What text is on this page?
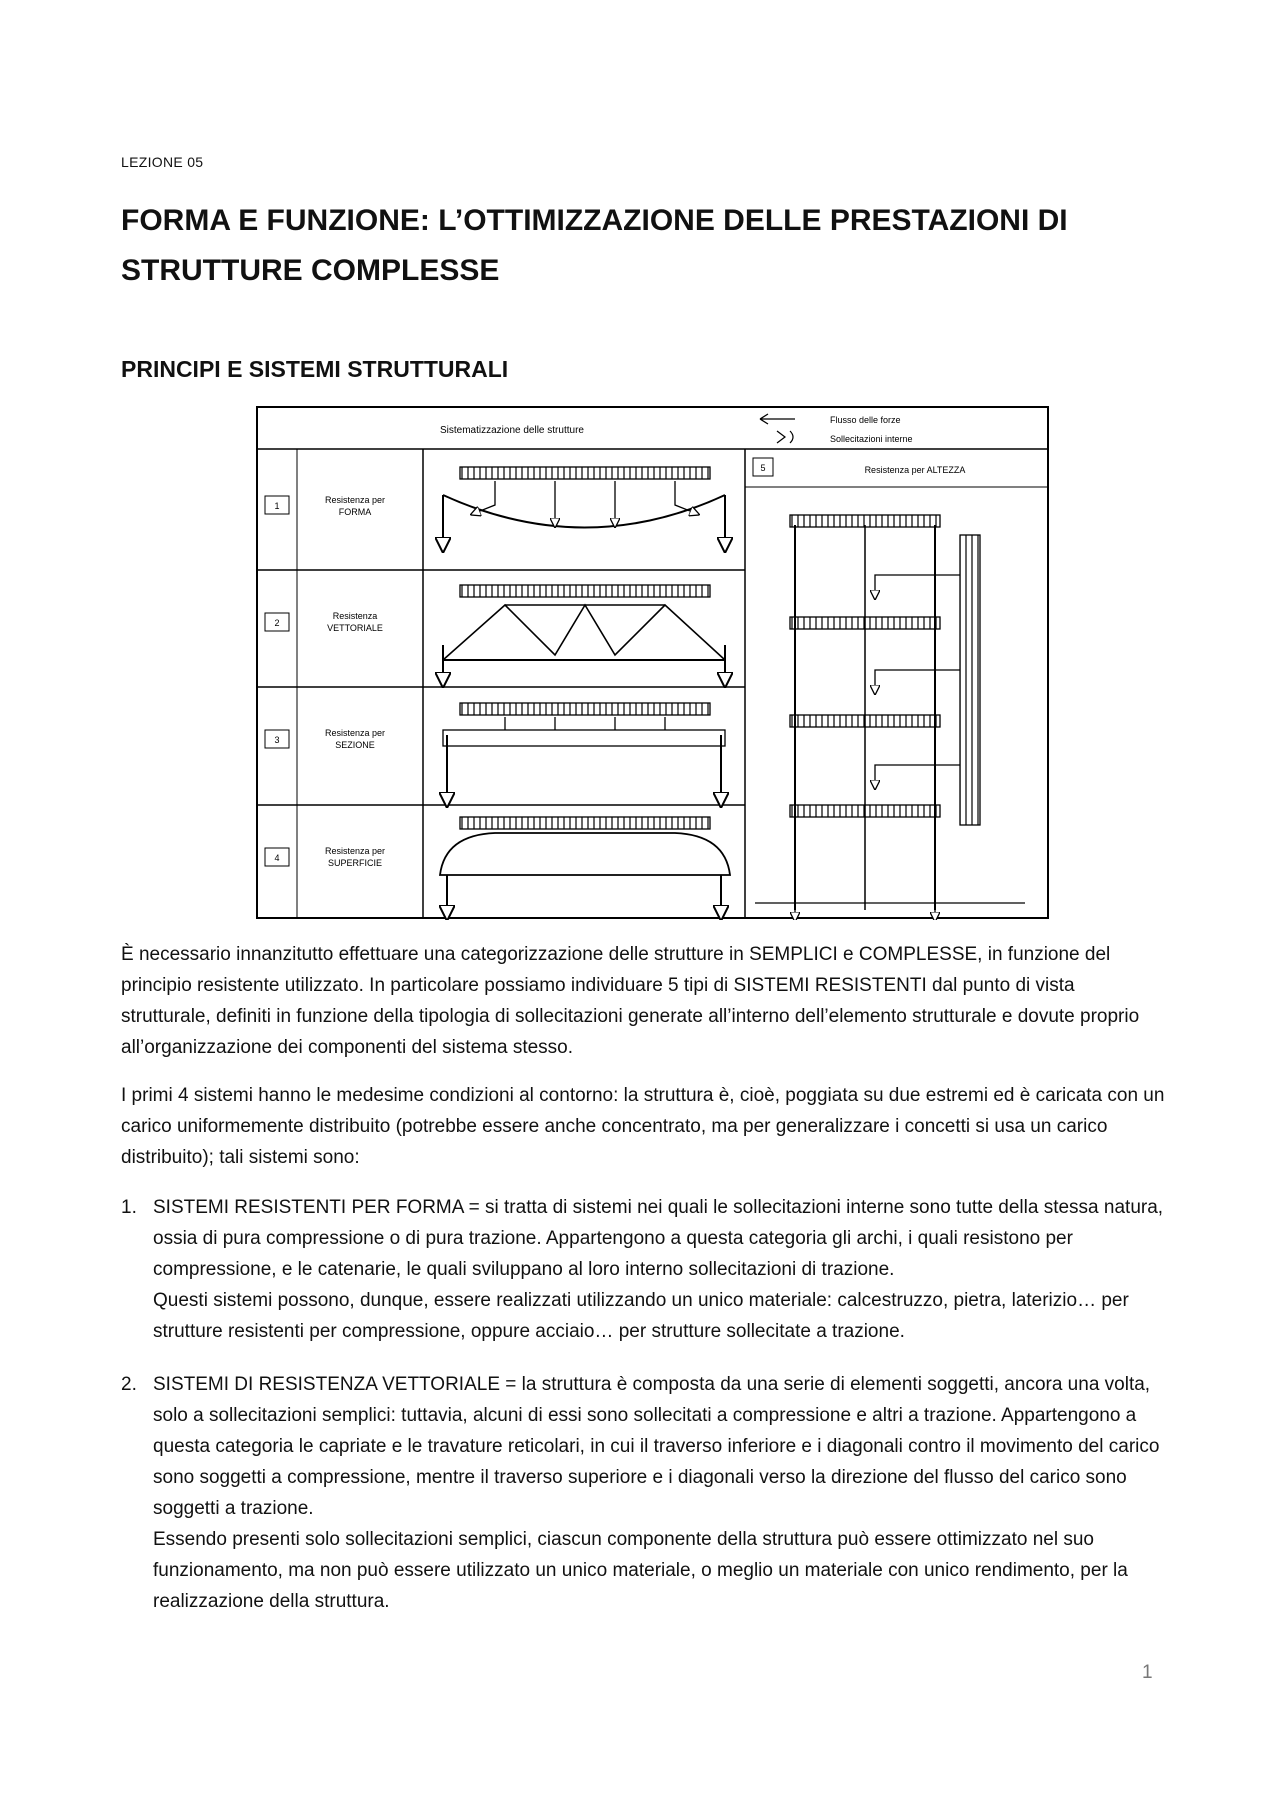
LEZIONE 05
FORMA E FUNZIONE: L’OTTIMIZZAZIONE DELLE PRESTAZIONI DI STRUTTURE COMPLESSE
PRINCIPI E SISTEMI STRUTTURALI
Sistematizzazione delle strutture
Flusso delle forze
Sollecitazioni interne
1
Resistenza per
FORMA
2
Resistenza
VETTORIALE
3
Resistenza per
SEZIONE
4
Resistenza per
SUPERFICIE
5	Resistenza per ALTEZZA

È necessario innanzitutto effettuare una categorizzazione delle strutture in SEMPLICI e COMPLESSE, in funzione del principio resistente utilizzato. In particolare possiamo individuare 5 tipi di SISTEMI RESISTENTI dal punto di vista strutturale, definiti in funzione della tipologia di sollecitazioni generate all’interno dell’elemento strutturale e dovute proprio all’organizzazione dei componenti del sistema stesso.

I primi 4 sistemi hanno le medesime condizioni al contorno: la struttura è, cioè, poggiata su due estremi ed è caricata con un carico uniformemente distribuito (potrebbe essere anche concentrato, ma per generalizzare i concetti si usa un carico distribuito); tali sistemi sono:

1. SISTEMI RESISTENTI PER FORMA = si tratta di sistemi nei quali le sollecitazioni interne sono tutte della stessa natura, ossia di pura compressione o di pura trazione. Appartengono a questa categoria gli archi, i quali resistono per compressione, e le catenarie, le quali sviluppano al loro interno sollecitazioni di trazione.
Questi sistemi possono, dunque, essere realizzati utilizzando un unico materiale: calcestruzzo, pietra, laterizio… per strutture resistenti per compressione, oppure acciaio… per strutture sollecitate a trazione.
2. SISTEMI DI RESISTENZA VETTORIALE = la struttura è composta da una serie di elementi soggetti, ancora una volta, solo a sollecitazioni semplici: tuttavia, alcuni di essi sono sollecitati a compressione e altri a trazione. Appartengono a questa categoria le capriate e le travature reticolari, in cui il traverso inferiore e i diagonali contro il movimento del carico sono soggetti a compressione, mentre il traverso superiore e i diagonali verso la direzione del flusso del carico sono soggetti a trazione.
Essendo presenti solo sollecitazioni semplici, ciascun componente della struttura può essere ottimizzato nel suo funzionamento, ma non può essere utilizzato un unico materiale, o meglio un materiale con unico rendimento, per la realizzazione della struttura.
1
